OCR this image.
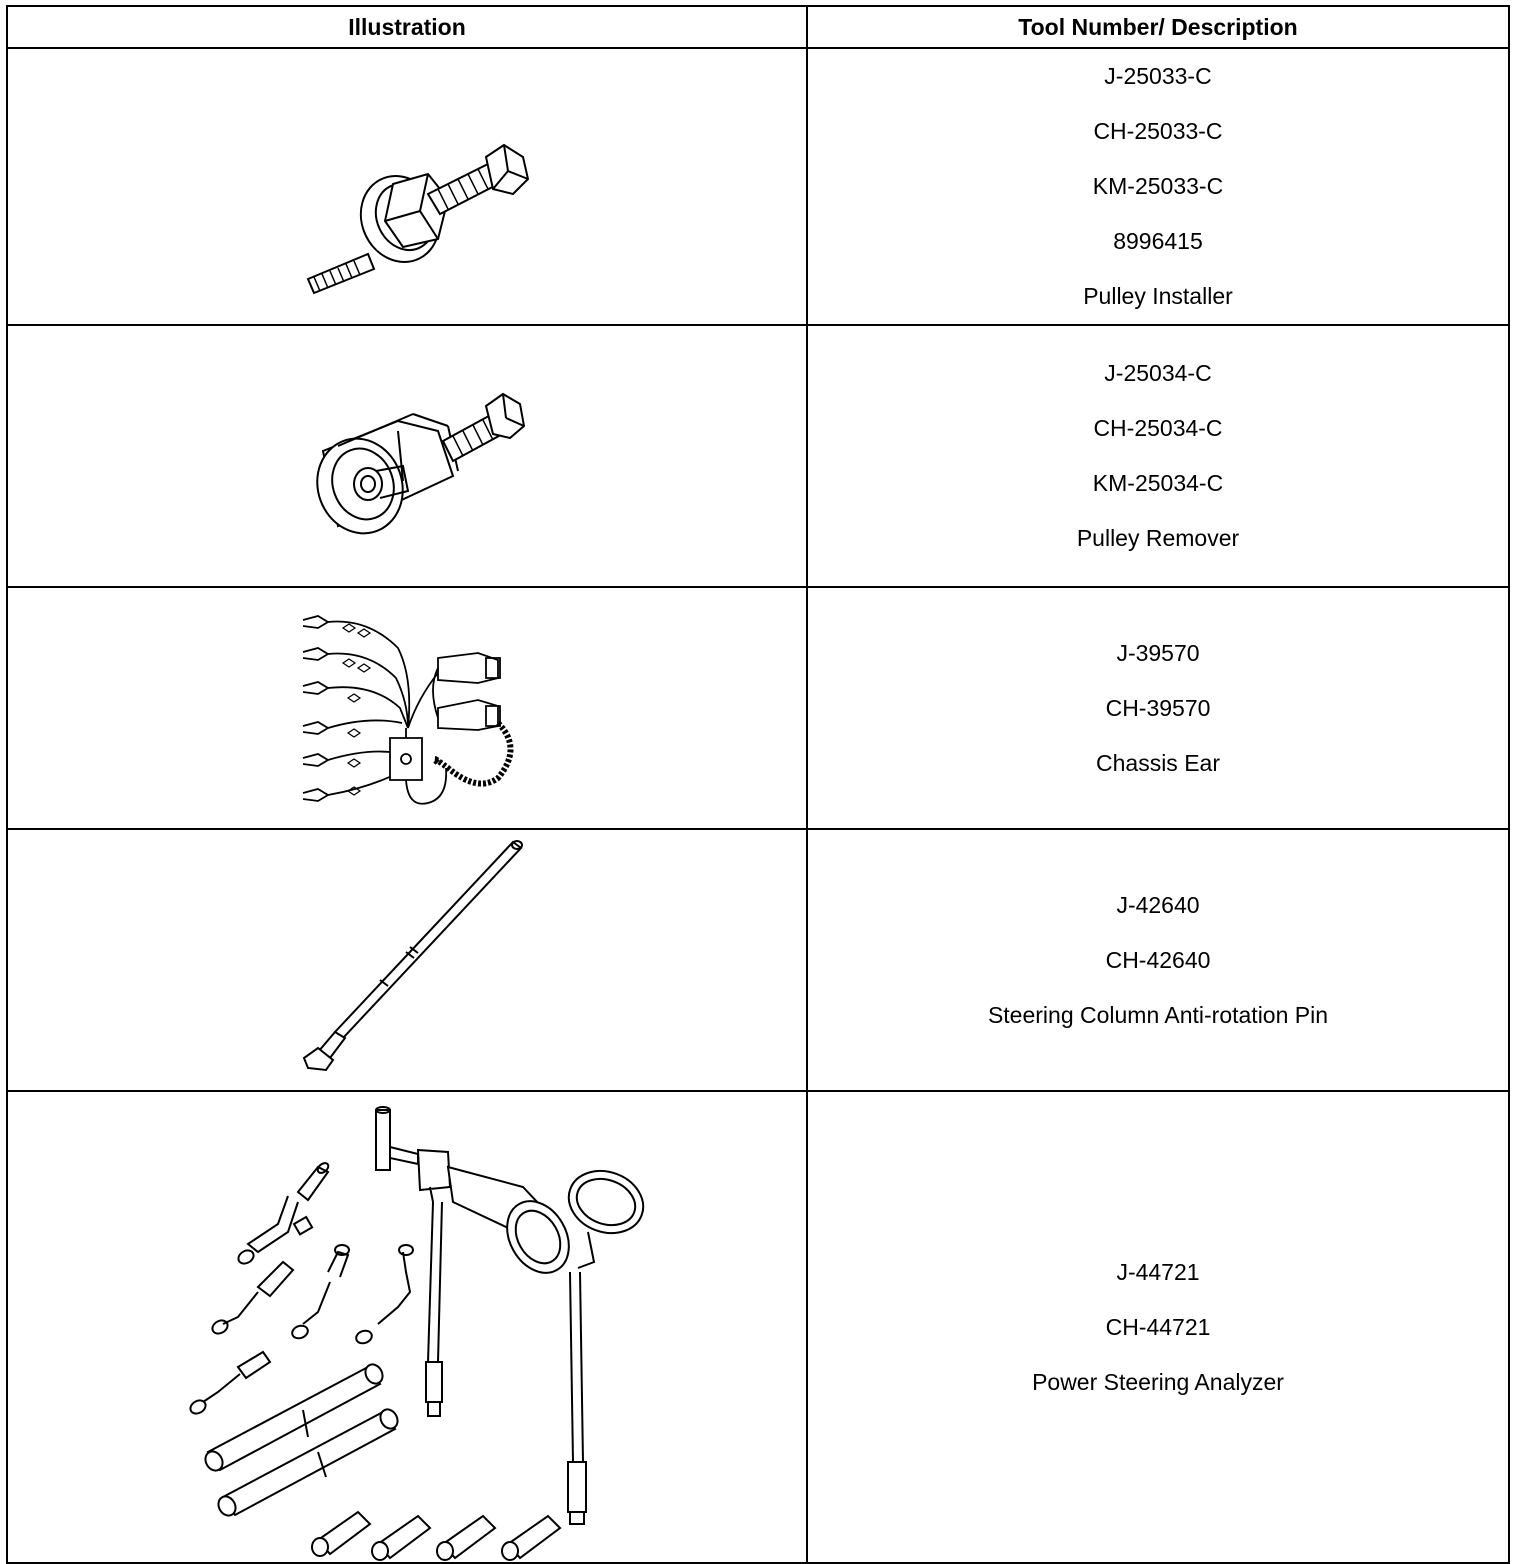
Illustration	Tool Number/ Description

J-25033-C
CH-25033-C
KM-25033-C
8996415
Pulley Installer

J-25034-C
CH-25034-C
KM-25034-C
Pulley Remover

J-39570
CH-39570
Chassis Ear

J-42640
CH-42640
Steering Column Anti-rotation Pin

J-44721
CH-44721
Power Steering Analyzer
